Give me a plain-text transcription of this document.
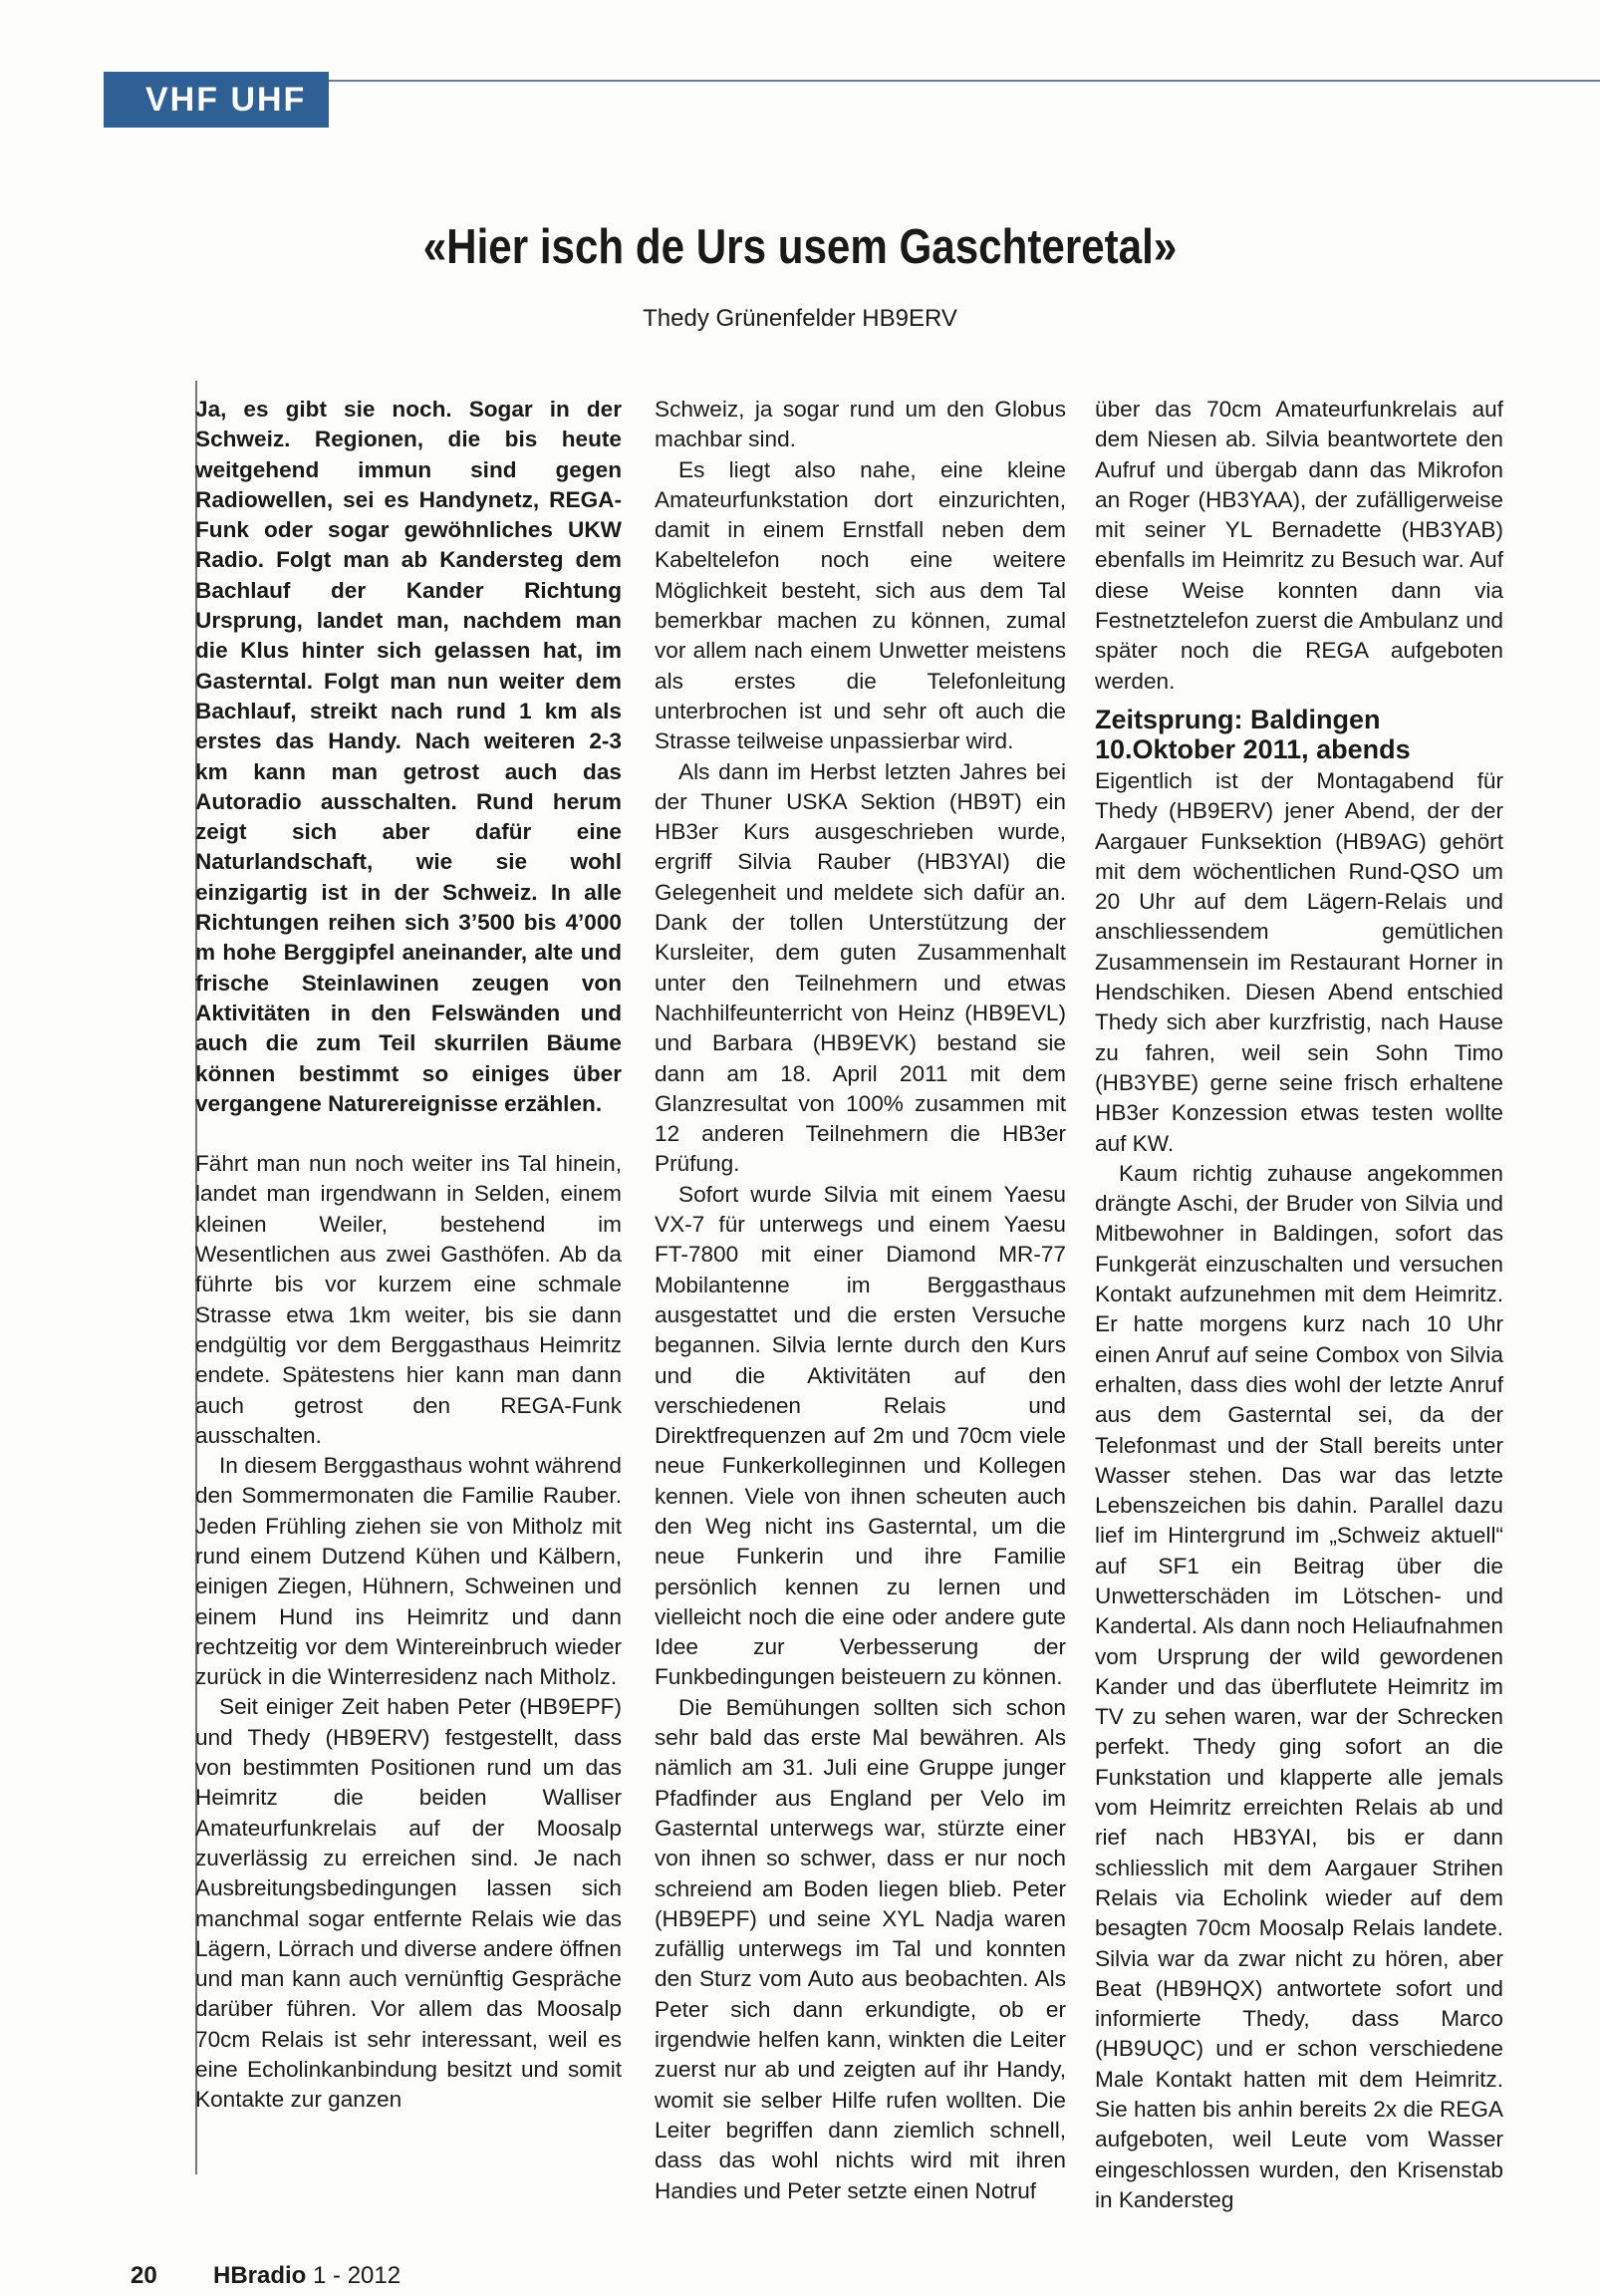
VHF UHF
«Hier isch de Urs usem Gaschteretal»
Thedy Grünenfelder HB9ERV

Ja, es gibt sie noch. Sogar in der Schweiz. Regionen, die bis heute weitgehend immun sind gegen Radiowellen, sei es Handynetz, REGA-Funk oder sogar gewöhnliches UKW Radio. Folgt man ab Kandersteg dem Bachlauf der Kander Richtung Ursprung, landet man, nachdem man die Klus hinter sich gelassen hat, im Gasterntal. Folgt man nun weiter dem Bachlauf, streikt nach rund 1 km als erstes das Handy. Nach weiteren 2-3 km kann man getrost auch das Autoradio ausschalten. Rund herum zeigt sich aber dafür eine Naturlandschaft, wie sie wohl einzigartig ist in der Schweiz. In alle Richtungen reihen sich 3’500 bis 4’000 m hohe Berggipfel aneinander, alte und frische Steinlawinen zeugen von Aktivitäten in den Felswänden und auch die zum Teil skurrilen Bäume können bestimmt so einiges über vergangene Naturereignisse erzählen.

Fährt man nun noch weiter ins Tal hinein, landet man irgendwann in Selden, einem kleinen Weiler, bestehend im Wesentlichen aus zwei Gasthöfen. Ab da führte bis vor kurzem eine schmale Strasse etwa 1km weiter, bis sie dann endgültig vor dem Berggasthaus Heimritz endete. Spätestens hier kann man dann auch getrost den REGA-Funk ausschalten.

In diesem Berggasthaus wohnt während den Sommermonaten die Familie Rauber. Jeden Frühling ziehen sie von Mitholz mit rund einem Dutzend Kühen und Kälbern, einigen Ziegen, Hühnern, Schweinen und einem Hund ins Heimritz und dann rechtzeitig vor dem Wintereinbruch wieder zurück in die Winterresidenz nach Mitholz.

Seit einiger Zeit haben Peter (HB9EPF) und Thedy (HB9ERV) festgestellt, dass von bestimmten Positionen rund um das Heimritz die beiden Walliser Amateurfunkrelais auf der Moosalp zuverlässig zu erreichen sind. Je nach Ausbreitungsbedingungen lassen sich manchmal sogar entfernte Relais wie das Lägern, Lörrach und diverse andere öffnen und man kann auch vernünftig Gespräche darüber führen. Vor allem das Moosalp 70cm Relais ist sehr interessant, weil es eine Echolinkanbindung besitzt und somit Kontakte zur ganzen

Schweiz, ja sogar rund um den Globus machbar sind.

Es liegt also nahe, eine kleine Amateurfunkstation dort einzurichten, damit in einem Ernstfall neben dem Kabeltelefon noch eine weitere Möglichkeit besteht, sich aus dem Tal bemerkbar machen zu können, zumal vor allem nach einem Unwetter meistens als erstes die Telefonleitung unterbrochen ist und sehr oft auch die Strasse teilweise unpassierbar wird.

Als dann im Herbst letzten Jahres bei der Thuner USKA Sektion (HB9T) ein HB3er Kurs ausgeschrieben wurde, ergriff Silvia Rauber (HB3YAI) die Gelegenheit und meldete sich dafür an. Dank der tollen Unterstützung der Kursleiter, dem guten Zusammenhalt unter den Teilnehmern und etwas Nachhilfeunterricht von Heinz (HB9EVL) und Barbara (HB9EVK) bestand sie dann am 18. April 2011 mit dem Glanzresultat von 100% zusammen mit 12 anderen Teilnehmern die HB3er Prüfung.

Sofort wurde Silvia mit einem Yaesu VX-7 für unterwegs und einem Yaesu FT-7800 mit einer Diamond MR-77 Mobilantenne im Berggasthaus ausgestattet und die ersten Versuche begannen. Silvia lernte durch den Kurs und die Aktivitäten auf den verschiedenen Relais und Direktfrequenzen auf 2m und 70cm viele neue Funkerkolleginnen und Kollegen kennen. Viele von ihnen scheuten auch den Weg nicht ins Gasterntal, um die neue Funkerin und ihre Familie persönlich kennen zu lernen und vielleicht noch die eine oder andere gute Idee zur Verbesserung der Funkbedingungen beisteuern zu können.

Die Bemühungen sollten sich schon sehr bald das erste Mal bewähren. Als nämlich am 31. Juli eine Gruppe junger Pfadfinder aus England per Velo im Gasterntal unterwegs war, stürzte einer von ihnen so schwer, dass er nur noch schreiend am Boden liegen blieb. Peter (HB9EPF) und seine XYL Nadja waren zufällig unterwegs im Tal und konnten den Sturz vom Auto aus beobachten. Als Peter sich dann erkundigte, ob er irgendwie helfen kann, winkten die Leiter zuerst nur ab und zeigten auf ihr Handy, womit sie selber Hilfe rufen wollten. Die Leiter begriffen dann ziemlich schnell, dass das wohl nichts wird mit ihren Handies und Peter setzte einen Notruf

über das 70cm Amateurfunkrelais auf dem Niesen ab. Silvia beantwortete den Aufruf und übergab dann das Mikrofon an Roger (HB3YAA), der zufälligerweise mit seiner YL Bernadette (HB3YAB) ebenfalls im Heimritz zu Besuch war. Auf diese Weise konnten dann via Festnetztelefon zuerst die Ambulanz und später noch die REGA aufgeboten werden.

Zeitsprung: Baldingen 10.Oktober 2011, abends

Eigentlich ist der Montagabend für Thedy (HB9ERV) jener Abend, der der Aargauer Funksektion (HB9AG) gehört mit dem wöchentlichen Rund-QSO um 20 Uhr auf dem Lägern-Relais und anschliessendem gemütlichen Zusammensein im Restaurant Horner in Hendschiken. Diesen Abend entschied Thedy sich aber kurzfristig, nach Hause zu fahren, weil sein Sohn Timo (HB3YBE) gerne seine frisch erhaltene HB3er Konzession etwas testen wollte auf KW.

Kaum richtig zuhause angekommen drängte Aschi, der Bruder von Silvia und Mitbewohner in Baldingen, sofort das Funkgerät einzuschalten und versuchen Kontakt aufzunehmen mit dem Heimritz. Er hatte morgens kurz nach 10 Uhr einen Anruf auf seine Combox von Silvia erhalten, dass dies wohl der letzte Anruf aus dem Gasterntal sei, da der Telefonmast und der Stall bereits unter Wasser stehen. Das war das letzte Lebenszeichen bis dahin. Parallel dazu lief im Hintergrund im „Schweiz aktuell“ auf SF1 ein Beitrag über die Unwetterschäden im Lötschen- und Kandertal. Als dann noch Heliaufnahmen vom Ursprung der wild gewordenen Kander und das überflutete Heimritz im TV zu sehen waren, war der Schrecken perfekt. Thedy ging sofort an die Funkstation und klapperte alle jemals vom Heimritz erreichten Relais ab und rief nach HB3YAI, bis er dann schliesslich mit dem Aargauer Strihen Relais via Echolink wieder auf dem besagten 70cm Moosalp Relais landete. Silvia war da zwar nicht zu hören, aber Beat (HB9HQX) antwortete sofort und informierte Thedy, dass Marco (HB9UQC) und er schon verschiedene Male Kontakt hatten mit dem Heimritz. Sie hatten bis anhin bereits 2x die REGA aufgeboten, weil Leute vom Wasser eingeschlossen wurden, den Krisenstab in Kandersteg

20 HBradio 1 - 2012
